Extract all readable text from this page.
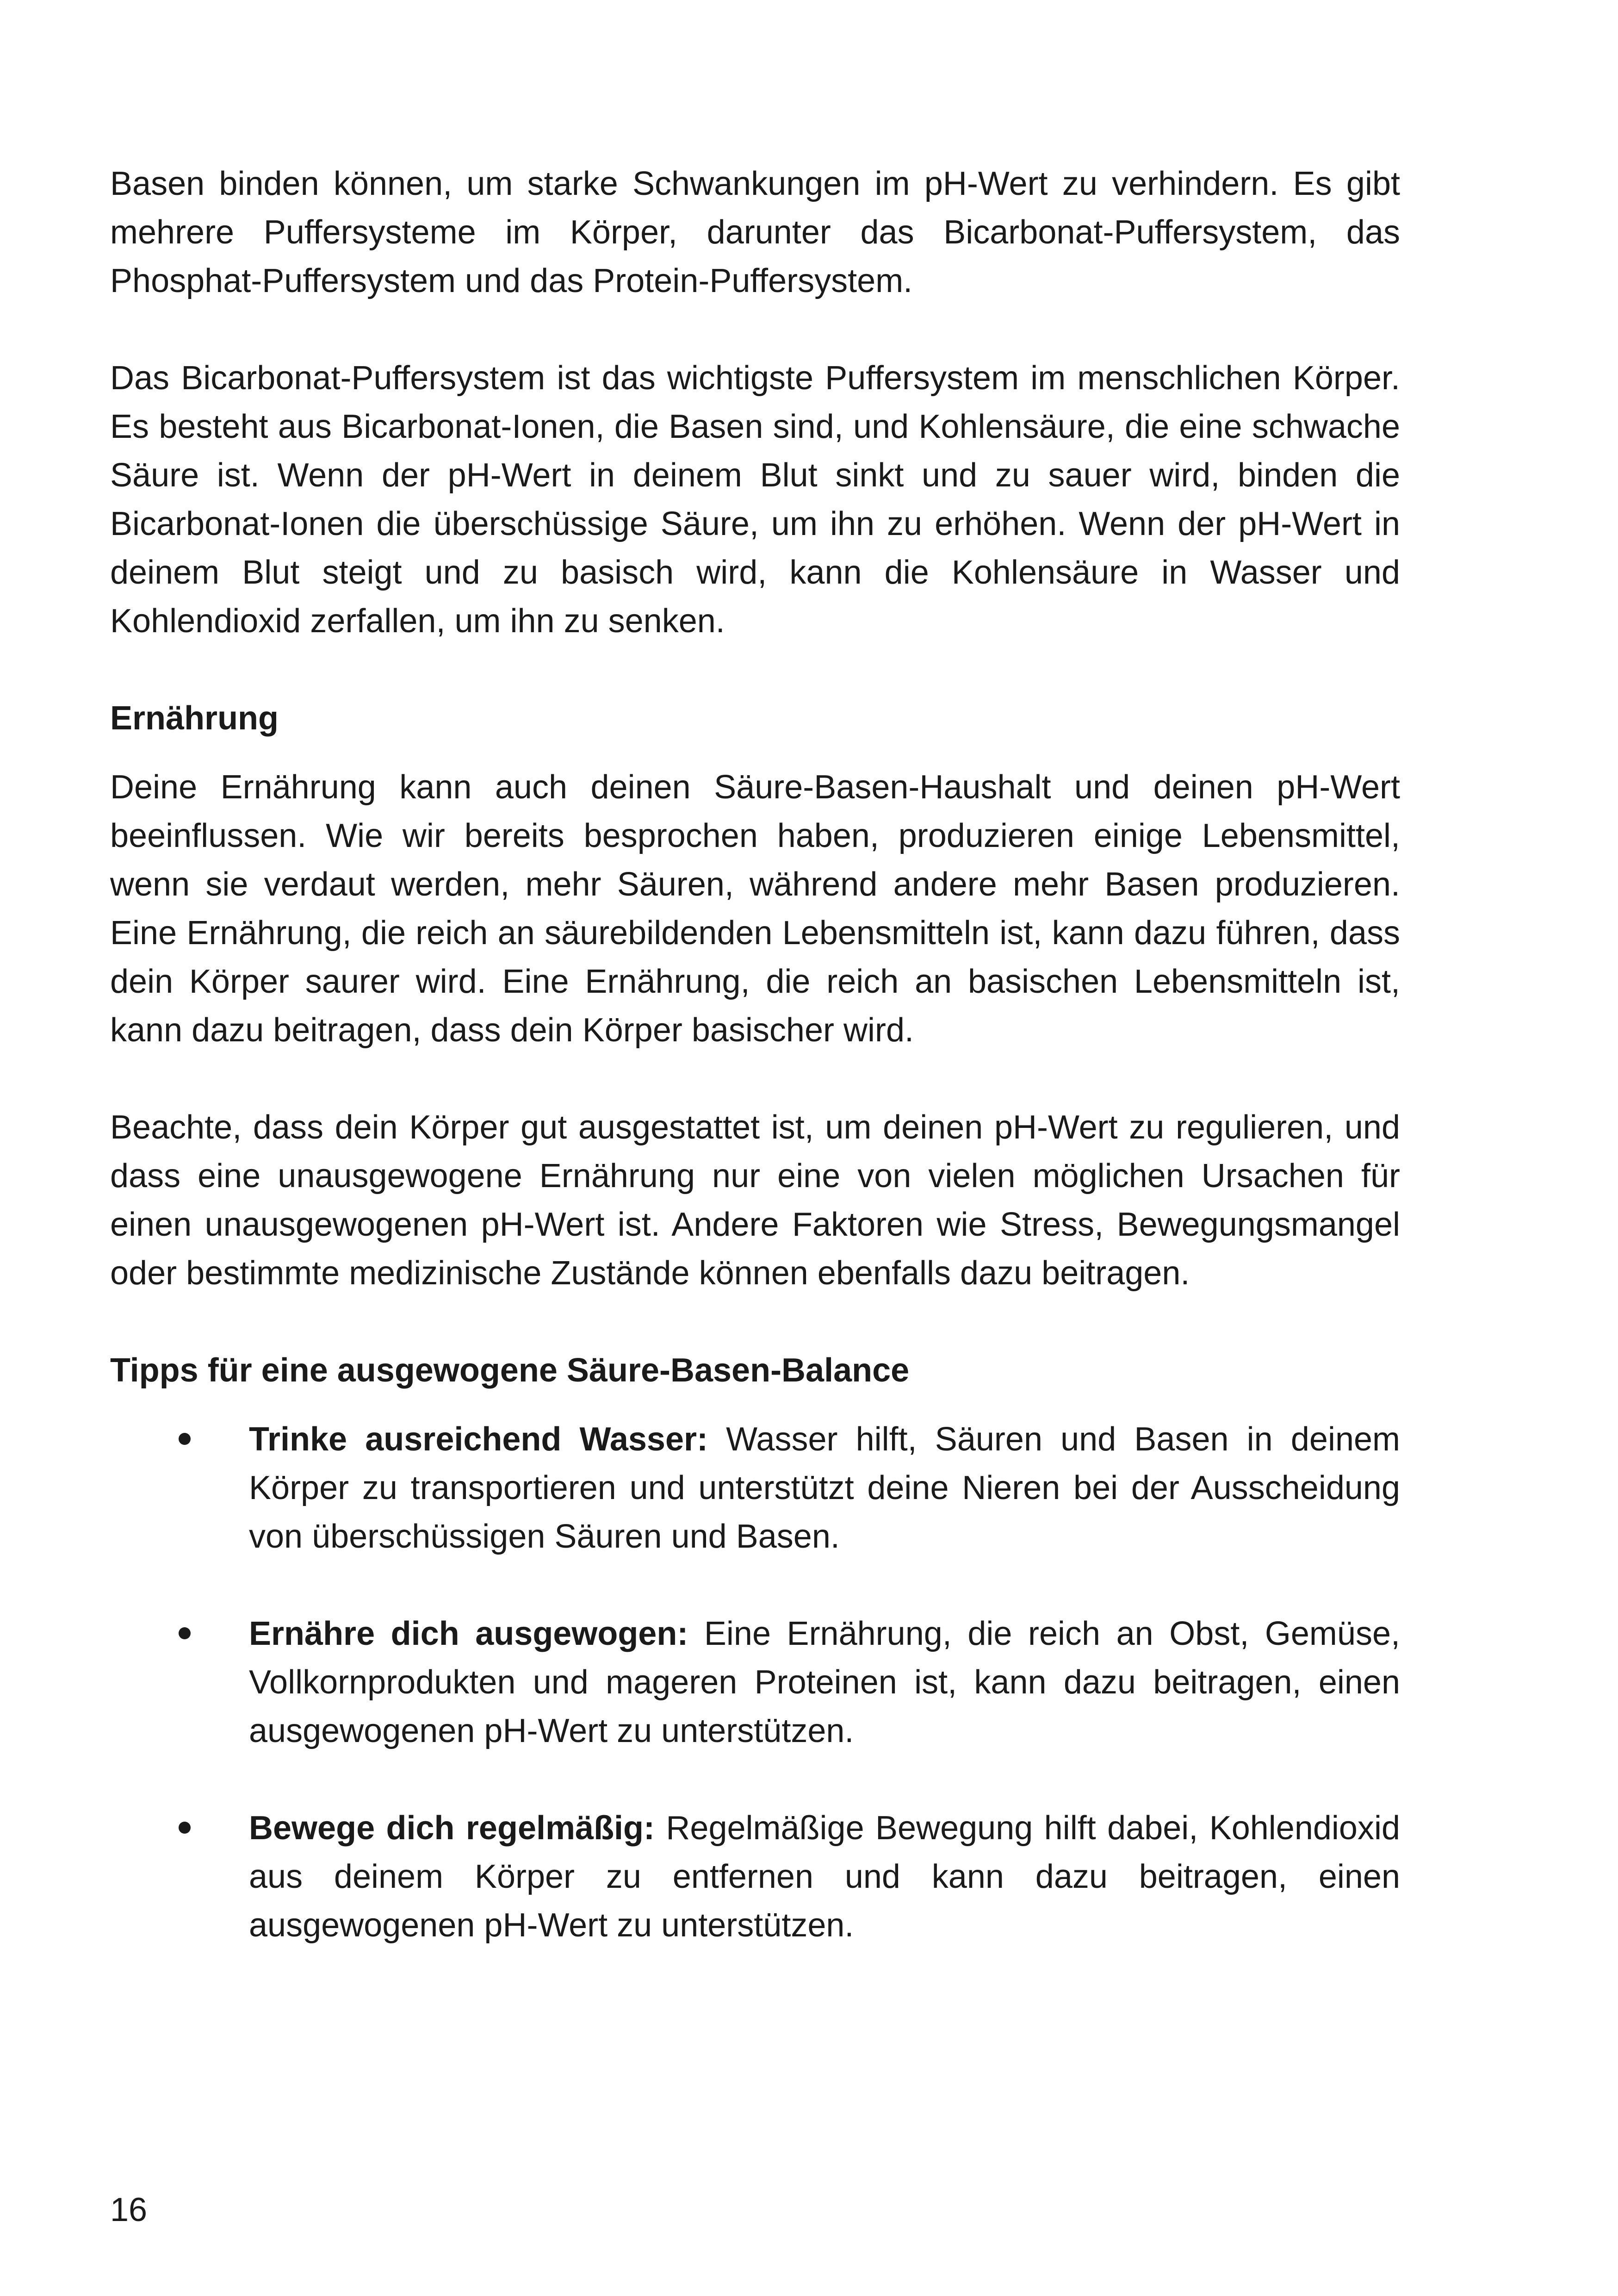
Basen binden können, um starke Schwankungen im pH-Wert zu verhindern. Es gibt mehrere Puffersysteme im Körper, darunter das Bicarbonat-Puffersystem, das Phosphat-Puffersystem und das Protein-Puffersystem.

Das Bicarbonat-Puffersystem ist das wichtigste Puffersystem im menschlichen Körper. Es besteht aus Bicarbonat-Ionen, die Basen sind, und Kohlensäure, die eine schwache Säure ist. Wenn der pH-Wert in deinem Blut sinkt und zu sauer wird, binden die Bicarbonat-Ionen die überschüssige Säure, um ihn zu erhöhen. Wenn der pH-Wert in deinem Blut steigt und zu basisch wird, kann die Kohlensäure in Wasser und Kohlendioxid zerfallen, um ihn zu senken.

Ernährung

Deine Ernährung kann auch deinen Säure-Basen-Haushalt und deinen pH-Wert beeinflussen. Wie wir bereits besprochen haben, produzieren einige Lebensmittel, wenn sie verdaut werden, mehr Säuren, während andere mehr Basen produzieren. Eine Ernährung, die reich an säurebildenden Lebensmitteln ist, kann dazu führen, dass dein Körper saurer wird. Eine Ernährung, die reich an basischen Lebensmitteln ist, kann dazu beitragen, dass dein Körper basischer wird.

Beachte, dass dein Körper gut ausgestattet ist, um deinen pH-Wert zu regulieren, und dass eine unausgewogene Ernährung nur eine von vielen möglichen Ursachen für einen unausgewogenen pH-Wert ist. Andere Faktoren wie Stress, Bewegungsmangel oder bestimmte medizinische Zustände können ebenfalls dazu beitragen.

Tipps für eine ausgewogene Säure-Basen-Balance
Trinke ausreichend Wasser: Wasser hilft, Säuren und Basen in deinem Körper zu transportieren und unterstützt deine Nieren bei der Ausscheidung von überschüssigen Säuren und Basen.
Ernähre dich ausgewogen: Eine Ernährung, die reich an Obst, Gemüse, Vollkornprodukten und mageren Proteinen ist, kann dazu beitragen, einen ausgewogenen pH-Wert zu unterstützen.
Bewege dich regelmäßig: Regelmäßige Bewegung hilft dabei, Kohlendioxid aus deinem Körper zu entfernen und kann dazu beitragen, einen ausgewogenen pH-Wert zu unterstützen.
16
